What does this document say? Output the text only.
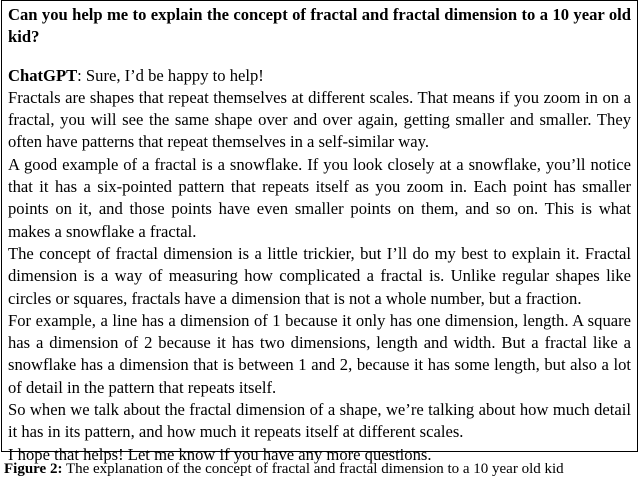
Can you help me to explain the concept of fractal and fractal dimension to a 10 year old kid?

ChatGPT: Sure, I’d be happy to help!

Fractals are shapes that repeat themselves at different scales. That means if you zoom in on a fractal, you will see the same shape over and over again, getting smaller and smaller. They often have patterns that repeat themselves in a self-similar way.

A good example of a fractal is a snowflake. If you look closely at a snowflake, you’ll notice that it has a six-pointed pattern that repeats itself as you zoom in. Each point has smaller points on it, and those points have even smaller points on them, and so on. This is what makes a snowflake a fractal.

The concept of fractal dimension is a little trickier, but I’ll do my best to explain it. Fractal dimension is a way of measuring how complicated a fractal is. Unlike regular shapes like circles or squares, fractals have a dimension that is not a whole number, but a fraction.

For example, a line has a dimension of 1 because it only has one dimension, length. A square has a dimension of 2 because it has two dimensions, length and width. But a fractal like a snowflake has a dimension that is between 1 and 2, because it has some length, but also a lot of detail in the pattern that repeats itself.

So when we talk about the fractal dimension of a shape, we’re talking about how much detail it has in its pattern, and how much it repeats itself at different scales.

I hope that helps! Let me know if you have any more questions.

Figure 2: The explanation of the concept of fractal and fractal dimension to a 10 year old kid
